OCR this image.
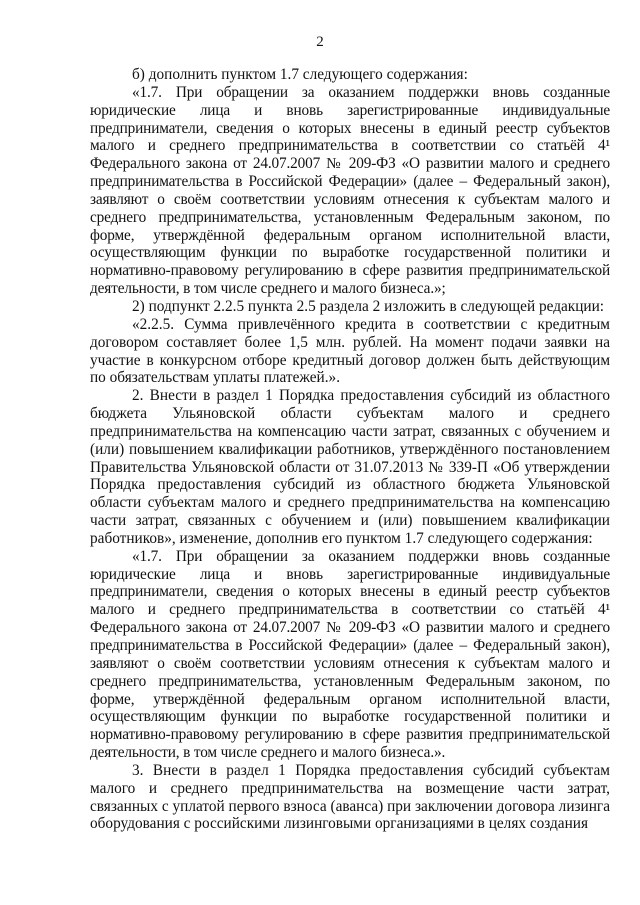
2

б) дополнить пунктом 1.7 следующего содержания:

«1.7. При обращении за оказанием поддержки вновь созданные юридические лица и вновь зарегистрированные индивидуальные предприниматели, сведения о которых внесены в единый реестр субъектов малого и среднего предпринимательства в соответствии со статьёй 4¹ Федерального закона от 24.07.2007 № 209-ФЗ «О развитии малого и среднего предпринимательства в Российской Федерации» (далее – Федеральный закон), заявляют о своём соответствии условиям отнесения к субъектам малого и среднего предпринимательства, установленным Федеральным законом, по форме, утверждённой федеральным органом исполнительной власти, осуществляющим функции по выработке государственной политики и нормативно-правовому регулированию в сфере развития предпринимательской деятельности, в том числе среднего и малого бизнеса.»;

2) подпункт 2.2.5 пункта 2.5 раздела 2 изложить в следующей редакции:

«2.2.5. Сумма привлечённого кредита в соответствии с кредитным договором составляет более 1,5 млн. рублей. На момент подачи заявки на участие в конкурсном отборе кредитный договор должен быть действующим по обязательствам уплаты платежей.».

2. Внести в раздел 1 Порядка предоставления субсидий из областного бюджета Ульяновской области субъектам малого и среднего предпринимательства на компенсацию части затрат, связанных с обучением и (или) повышением квалификации работников, утверждённого постановлением Правительства Ульяновской области от 31.07.2013 № 339-П «Об утверждении Порядка предоставления субсидий из областного бюджета Ульяновской области субъектам малого и среднего предпринимательства на компенсацию части затрат, связанных с обучением и (или) повышением квалификации работников», изменение, дополнив его пунктом 1.7 следующего содержания:

«1.7. При обращении за оказанием поддержки вновь созданные юридические лица и вновь зарегистрированные индивидуальные предприниматели, сведения о которых внесены в единый реестр субъектов малого и среднего предпринимательства в соответствии со статьёй 4¹ Федерального закона от 24.07.2007 № 209-ФЗ «О развитии малого и среднего предпринимательства в Российской Федерации» (далее – Федеральный закон), заявляют о своём соответствии условиям отнесения к субъектам малого и среднего предпринимательства, установленным Федеральным законом, по форме, утверждённой федеральным органом исполнительной власти, осуществляющим функции по выработке государственной политики и нормативно-правовому регулированию в сфере развития предпринимательской деятельности, в том числе среднего и малого бизнеса.».

3. Внести в раздел 1 Порядка предоставления субсидий субъектам малого и среднего предпринимательства на возмещение части затрат, связанных с уплатой первого взноса (аванса) при заключении договора лизинга оборудования с российскими лизинговыми организациями в целях создания
